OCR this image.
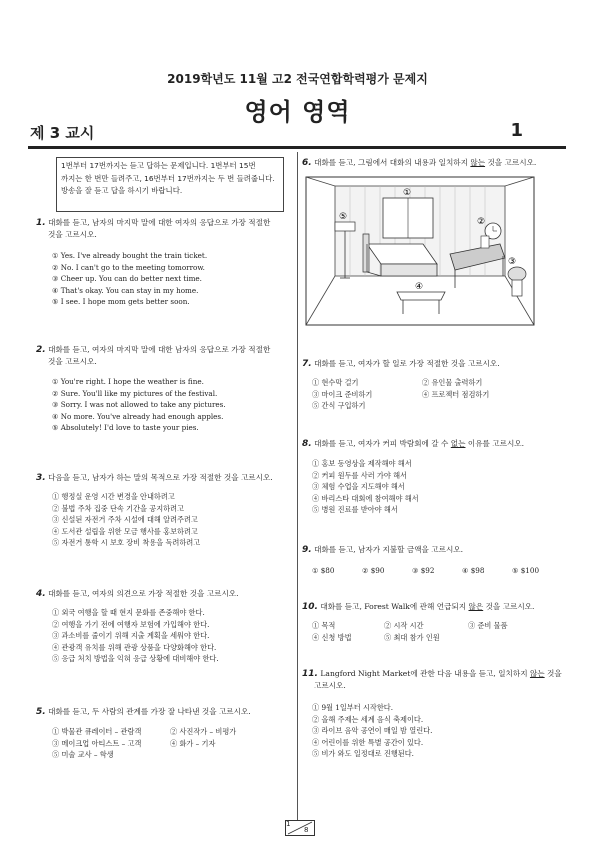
2019학년도 11월 고2 전국연합학력평가 문제지
영어 영역
제 3 교시	1
1번부터 17번까지는 듣고 답하는 문제입니다. 1번부터 15번
까지는 한 번만 들려주고, 16번부터 17번까지는 두 번 들려줍니다.
방송을 잘 듣고 답을 하시기 바랍니다.
1. 대화를 듣고, 남자의 마지막 말에 대한 여자의 응답으로 가장 적절한
것을 고르시오.
① Yes. I've already bought the train ticket.
② No. I can't go to the meeting tomorrow.
③ Cheer up. You can do better next time.
④ That's okay. You can stay in my home.
⑤ I see. I hope mom gets better soon.
2. 대화를 듣고, 여자의 마지막 말에 대한 남자의 응답으로 가장 적절한
것을 고르시오.
① You're right. I hope the weather is fine.
② Sure. You'll like my pictures of the festival.
③ Sorry. I was not allowed to take any pictures.
④ No more. You've already had enough apples.
⑤ Absolutely! I'd love to taste your pies.
3. 다음을 듣고, 남자가 하는 말의 목적으로 가장 적절한 것을 고르시오.
① 행정실 운영 시간 변경을 안내하려고
② 불법 주차 집중 단속 기간을 공지하려고
③ 신설된 자전거 주차 시설에 대해 알려주려고
④ 도서관 설립을 위한 모금 행사를 홍보하려고
⑤ 자전거 통학 시 보호 장비 착용을 독려하려고
4. 대화를 듣고, 여자의 의견으로 가장 적절한 것을 고르시오.
① 외국 여행을 할 때 현지 문화를 존중해야 한다.
② 여행을 가기 전에 여행자 보험에 가입해야 한다.
③ 과소비를 줄이기 위해 지출 계획을 세워야 한다.
④ 관광객 유치를 위해 관광 상품을 다양화해야 한다.
⑤ 응급 처치 방법을 익혀 응급 상황에 대비해야 한다.
5. 대화를 듣고, 두 사람의 관계를 가장 잘 나타낸 것을 고르시오.
① 박물관 큐레이터 – 관람객	② 사진작가 – 비평가
③ 메이크업 아티스트 – 고객	④ 화가 – 기자
⑤ 미술 교사 – 학생
6. 대화를 듣고, 그림에서 대화의 내용과 일치하지 않는 것을 고르시오.
①
②
③
④
⑤
7. 대화를 듣고, 여자가 할 일로 가장 적절한 것을 고르시오.
① 현수막 걸기	② 유인물 출력하기
③ 마이크 준비하기	④ 프로젝터 점검하기
⑤ 간식 구입하기
8. 대화를 듣고, 여자가 커피 박람회에 갈 수 없는 이유를 고르시오.
① 홍보 동영상을 제작해야 해서
② 커피 원두를 사러 가야 해서
③ 체험 수업을 지도해야 해서
④ 바리스타 대회에 참여해야 해서
⑤ 병원 진료를 받아야 해서
9. 대화를 듣고, 남자가 지불할 금액을 고르시오.
① $80	② $90	③ $92	④ $98	⑤ $100
10. 대화를 듣고, Forest Walk에 관해 언급되지 않은 것을 고르시오.
① 목적	② 시작 시간	③ 준비 물품
④ 신청 방법	⑤ 최대 참가 인원
11. Langford Night Market에 관한 다음 내용을 듣고, 일치하지 않는 것을
고르시오.
① 9월 1일부터 시작한다.
② 올해 주제는 세계 음식 축제이다.
③ 라이브 음악 공연이 매일 밤 열린다.
④ 어린이를 위한 특별 공간이 있다.
⑤ 비가 와도 일정대로 진행된다.
1
8
